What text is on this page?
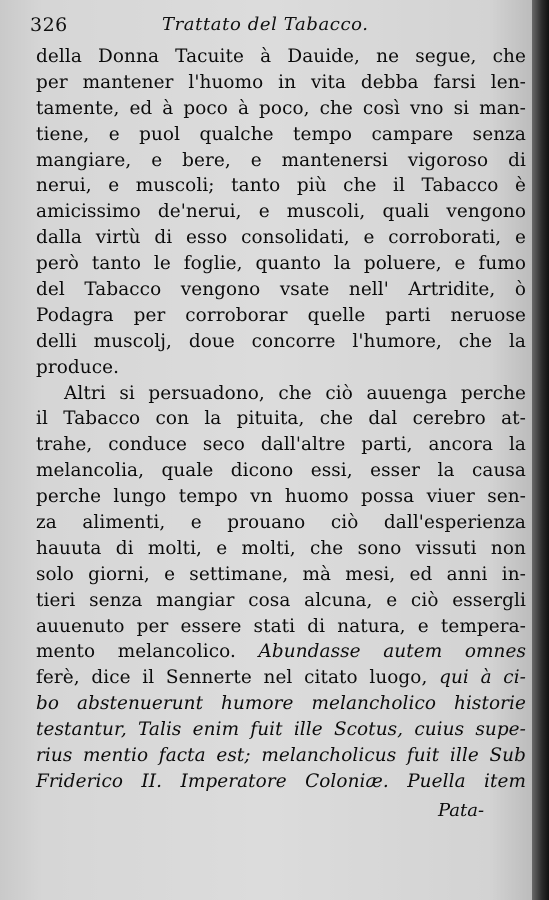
326	Trattato del Tabacco.
della Donna Tacuite à Dauide, ne segue, che
per mantener l'huomo in vita debba farsi len-
tamente, ed à poco à poco, che così vno si man-
tiene, e puol qualche tempo campare senza
mangiare, e bere, e mantenersi vigoroso di
nerui, e muscoli; tanto più che il Tabacco è
amicissimo de'nerui, e muscoli, quali vengono
dalla virtù di esso consolidati, e corroborati, e
però tanto le foglie, quanto la poluere, e fumo
del Tabacco vengono vsate nell' Artridite, ò
Podagra per corroborar quelle parti neruose
delli muscolj, doue concorre l'humore, che la
produce.
Altri si persuadono, che ciò auuenga perche
il Tabacco con la pituita, che dal cerebro at-
trahe, conduce seco dall'altre parti, ancora la
melancolia, quale dicono essi, esser la causa
perche lungo tempo vn huomo possa viuer sen-
za alimenti, e prouano ciò dall'esperienza
hauuta di molti, e molti, che sono vissuti non
solo giorni, e settimane, mà mesi, ed anni in-
tieri senza mangiar cosa alcuna, e ciò essergli
auuenuto per essere stati di natura, e tempera-
mento melancolico. Abundasse autem omnes
ferè, dice il Sennerte nel citato luogo, qui à ci-
bo abstenuerunt humore melancholico historie
testantur, Talis enim fuit ille Scotus, cuius supe-
rius mentio facta est; melancholicus fuit ille Sub
Friderico II. Imperatore Coloniæ. Puella item
Pata-
